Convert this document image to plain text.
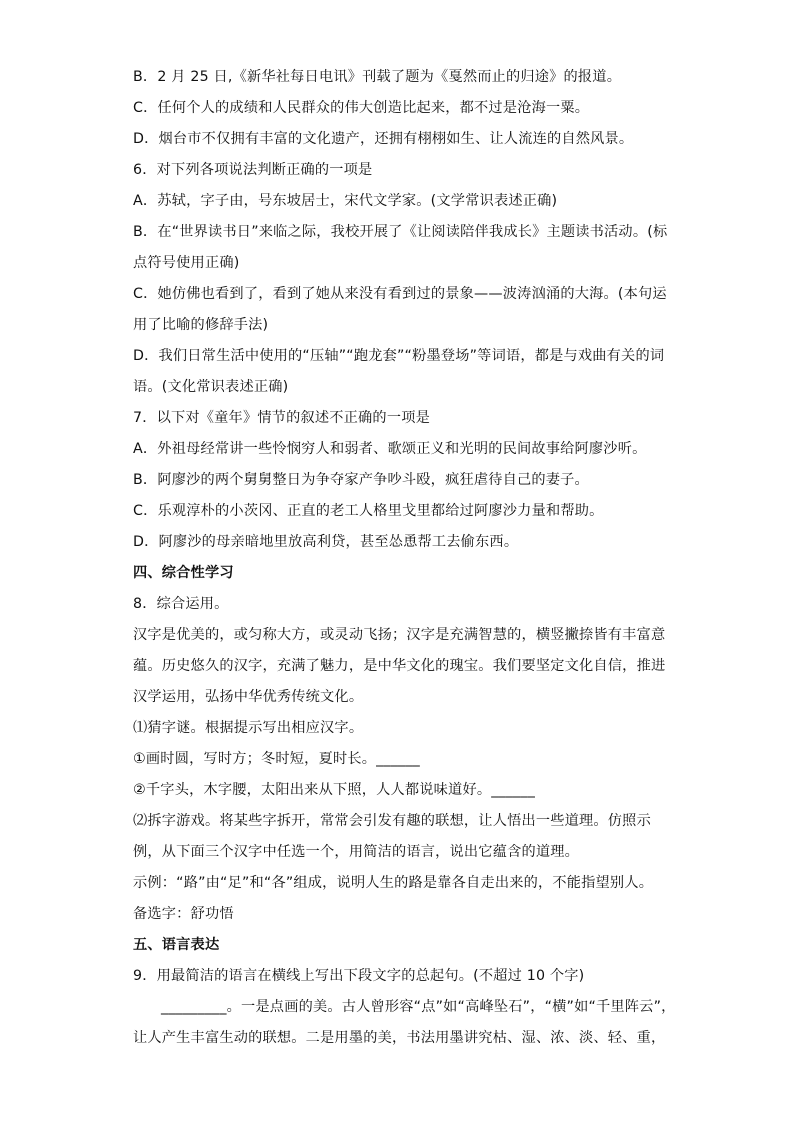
B．2 月 25 日,《新华社每日电讯》刊载了题为《戛然而止的归途》的报道。
C．任何个人的成绩和人民群众的伟大创造比起来，都不过是沧海一粟。
D．烟台市不仅拥有丰富的文化遗产，还拥有栩栩如生、让人流连的自然风景。
6．对下列各项说法判断正确的一项是
A．苏轼，字子由，号东坡居士，宋代文学家。(文学常识表述正确)
B．在“世界读书日”来临之际，我校开展了《让阅读陪伴我成长》主题读书活动。(标
点符号使用正确)
C．她仿佛也看到了，看到了她从来没有看到过的景象——波涛汹涌的大海。(本句运
用了比喻的修辞手法)
D．我们日常生活中使用的“压轴”“跑龙套”“粉墨登场”等词语，都是与戏曲有关的词
语。(文化常识表述正确)
7．以下对《童年》情节的叙述不正确的一项是
A．外祖母经常讲一些怜悯穷人和弱者、歌颂正义和光明的民间故事给阿廖沙听。
B．阿廖沙的两个舅舅整日为争夺家产争吵斗殴，疯狂虐待自己的妻子。
C．乐观淳朴的小茨冈、正直的老工人格里戈里都给过阿廖沙力量和帮助。
D．阿廖沙的母亲暗地里放高利贷，甚至怂恿帮工去偷东西。
四、综合性学习
8．综合运用。
汉字是优美的，或匀称大方，或灵动飞扬；汉字是充满智慧的，横竖撇捺皆有丰富意
蕴。历史悠久的汉字，充满了魅力，是中华文化的瑰宝。我们要坚定文化自信，推进
汉学运用，弘扬中华优秀传统文化。
⑴猜字谜。根据提示写出相应汉字。
①画时圆，写时方；冬时短，夏时长。______
②千字头，木字腰，太阳出来从下照，人人都说味道好。______
⑵拆字游戏。将某些字拆开，常常会引发有趣的联想，让人悟出一些道理。仿照示
例，从下面三个汉字中任选一个，用简洁的语言，说出它蕴含的道理。
示例：“路”由“足”和“各”组成，说明人生的路是靠各自走出来的，不能指望别人。
备选字：舒功悟
五、语言表达
9．用最简洁的语言在横线上写出下段文字的总起句。(不超过 10 个字)
_________。一是点画的美。古人曾形容“点”如“高峰坠石”，“横”如“千里阵云”，
让人产生丰富生动的联想。二是用墨的美，书法用墨讲究枯、湿、浓、淡、轻、重，
